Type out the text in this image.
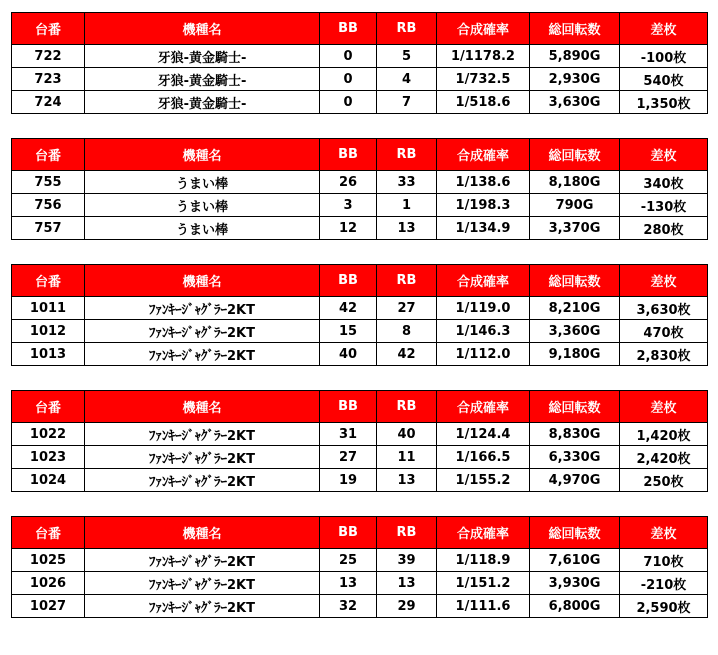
台番	機種名	BB	RB	合成確率	総回転数	差枚
722	牙狼-黄金騎士-	0	5	1/1178.2	5,890G	-100枚
723	牙狼-黄金騎士-	0	4	1/732.5	2,930G	540枚
724	牙狼-黄金騎士-	0	7	1/518.6	3,630G	1,350枚
台番	機種名	BB	RB	合成確率	総回転数	差枚
755	うまい棒	26	33	1/138.6	8,180G	340枚
756	うまい棒	3	1	1/198.3	790G	-130枚
757	うまい棒	12	13	1/134.9	3,370G	280枚
台番	機種名	BB	RB	合成確率	総回転数	差枚
1011	ﾌｧﾝｷｰｼﾞｬｸﾞﾗｰ2KT	42	27	1/119.0	8,210G	3,630枚
1012	ﾌｧﾝｷｰｼﾞｬｸﾞﾗｰ2KT	15	8	1/146.3	3,360G	470枚
1013	ﾌｧﾝｷｰｼﾞｬｸﾞﾗｰ2KT	40	42	1/112.0	9,180G	2,830枚
台番	機種名	BB	RB	合成確率	総回転数	差枚
1022	ﾌｧﾝｷｰｼﾞｬｸﾞﾗｰ2KT	31	40	1/124.4	8,830G	1,420枚
1023	ﾌｧﾝｷｰｼﾞｬｸﾞﾗｰ2KT	27	11	1/166.5	6,330G	2,420枚
1024	ﾌｧﾝｷｰｼﾞｬｸﾞﾗｰ2KT	19	13	1/155.2	4,970G	250枚
台番	機種名	BB	RB	合成確率	総回転数	差枚
1025	ﾌｧﾝｷｰｼﾞｬｸﾞﾗｰ2KT	25	39	1/118.9	7,610G	710枚
1026	ﾌｧﾝｷｰｼﾞｬｸﾞﾗｰ2KT	13	13	1/151.2	3,930G	-210枚
1027	ﾌｧﾝｷｰｼﾞｬｸﾞﾗｰ2KT	32	29	1/111.6	6,800G	2,590枚
